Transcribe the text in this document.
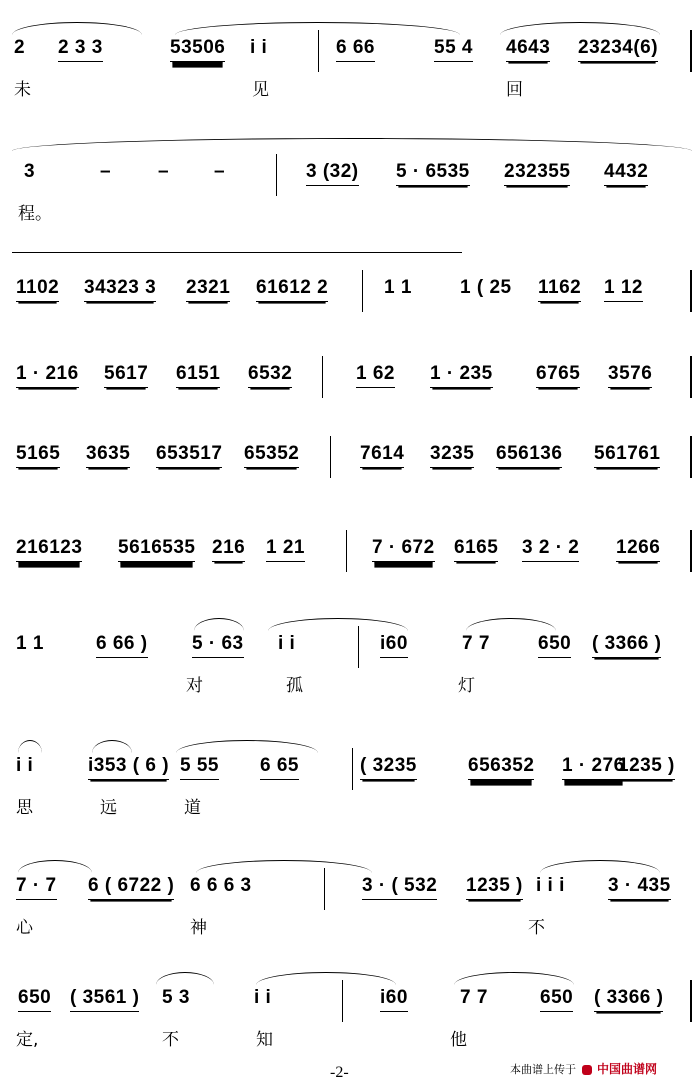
2 2 3 3	53506 i i	6 66	55 4 4643 23234(6)
未	见	回
3	– – –	3 (32) 5 · 6535 232355 4432
程。
1102 34323 3 2321 61612 2	1 1	1 ( 25 1162 1 12
1 · 216 5617 6151 6532	1 62 1 · 235 6765 3576
5165 3635 653517 65352	7614 3235 656136 561761
216123 5616535 216 1 21	7 · 672 6165 3 2 · 2 1266
1 1	6 66 ) 5 · 63 i i	i60	7 7	650 ( 3366 )
对	孤	灯
i i	i353 ( 6 ) 5 55 6 65	( 3235	656352 1 · 276
1235 )
思	远	道
7 · 7 6 ( 6722 ) 6 6 6 3	3 · ( 532 1235 ) i i i 3 · 435
心	神	不
650 ( 3561 ) 5 3	i i	i60	7 7	650 ( 3366 )
定,	不	知	他
-2-	本曲谱上传于 中国曲谱网
